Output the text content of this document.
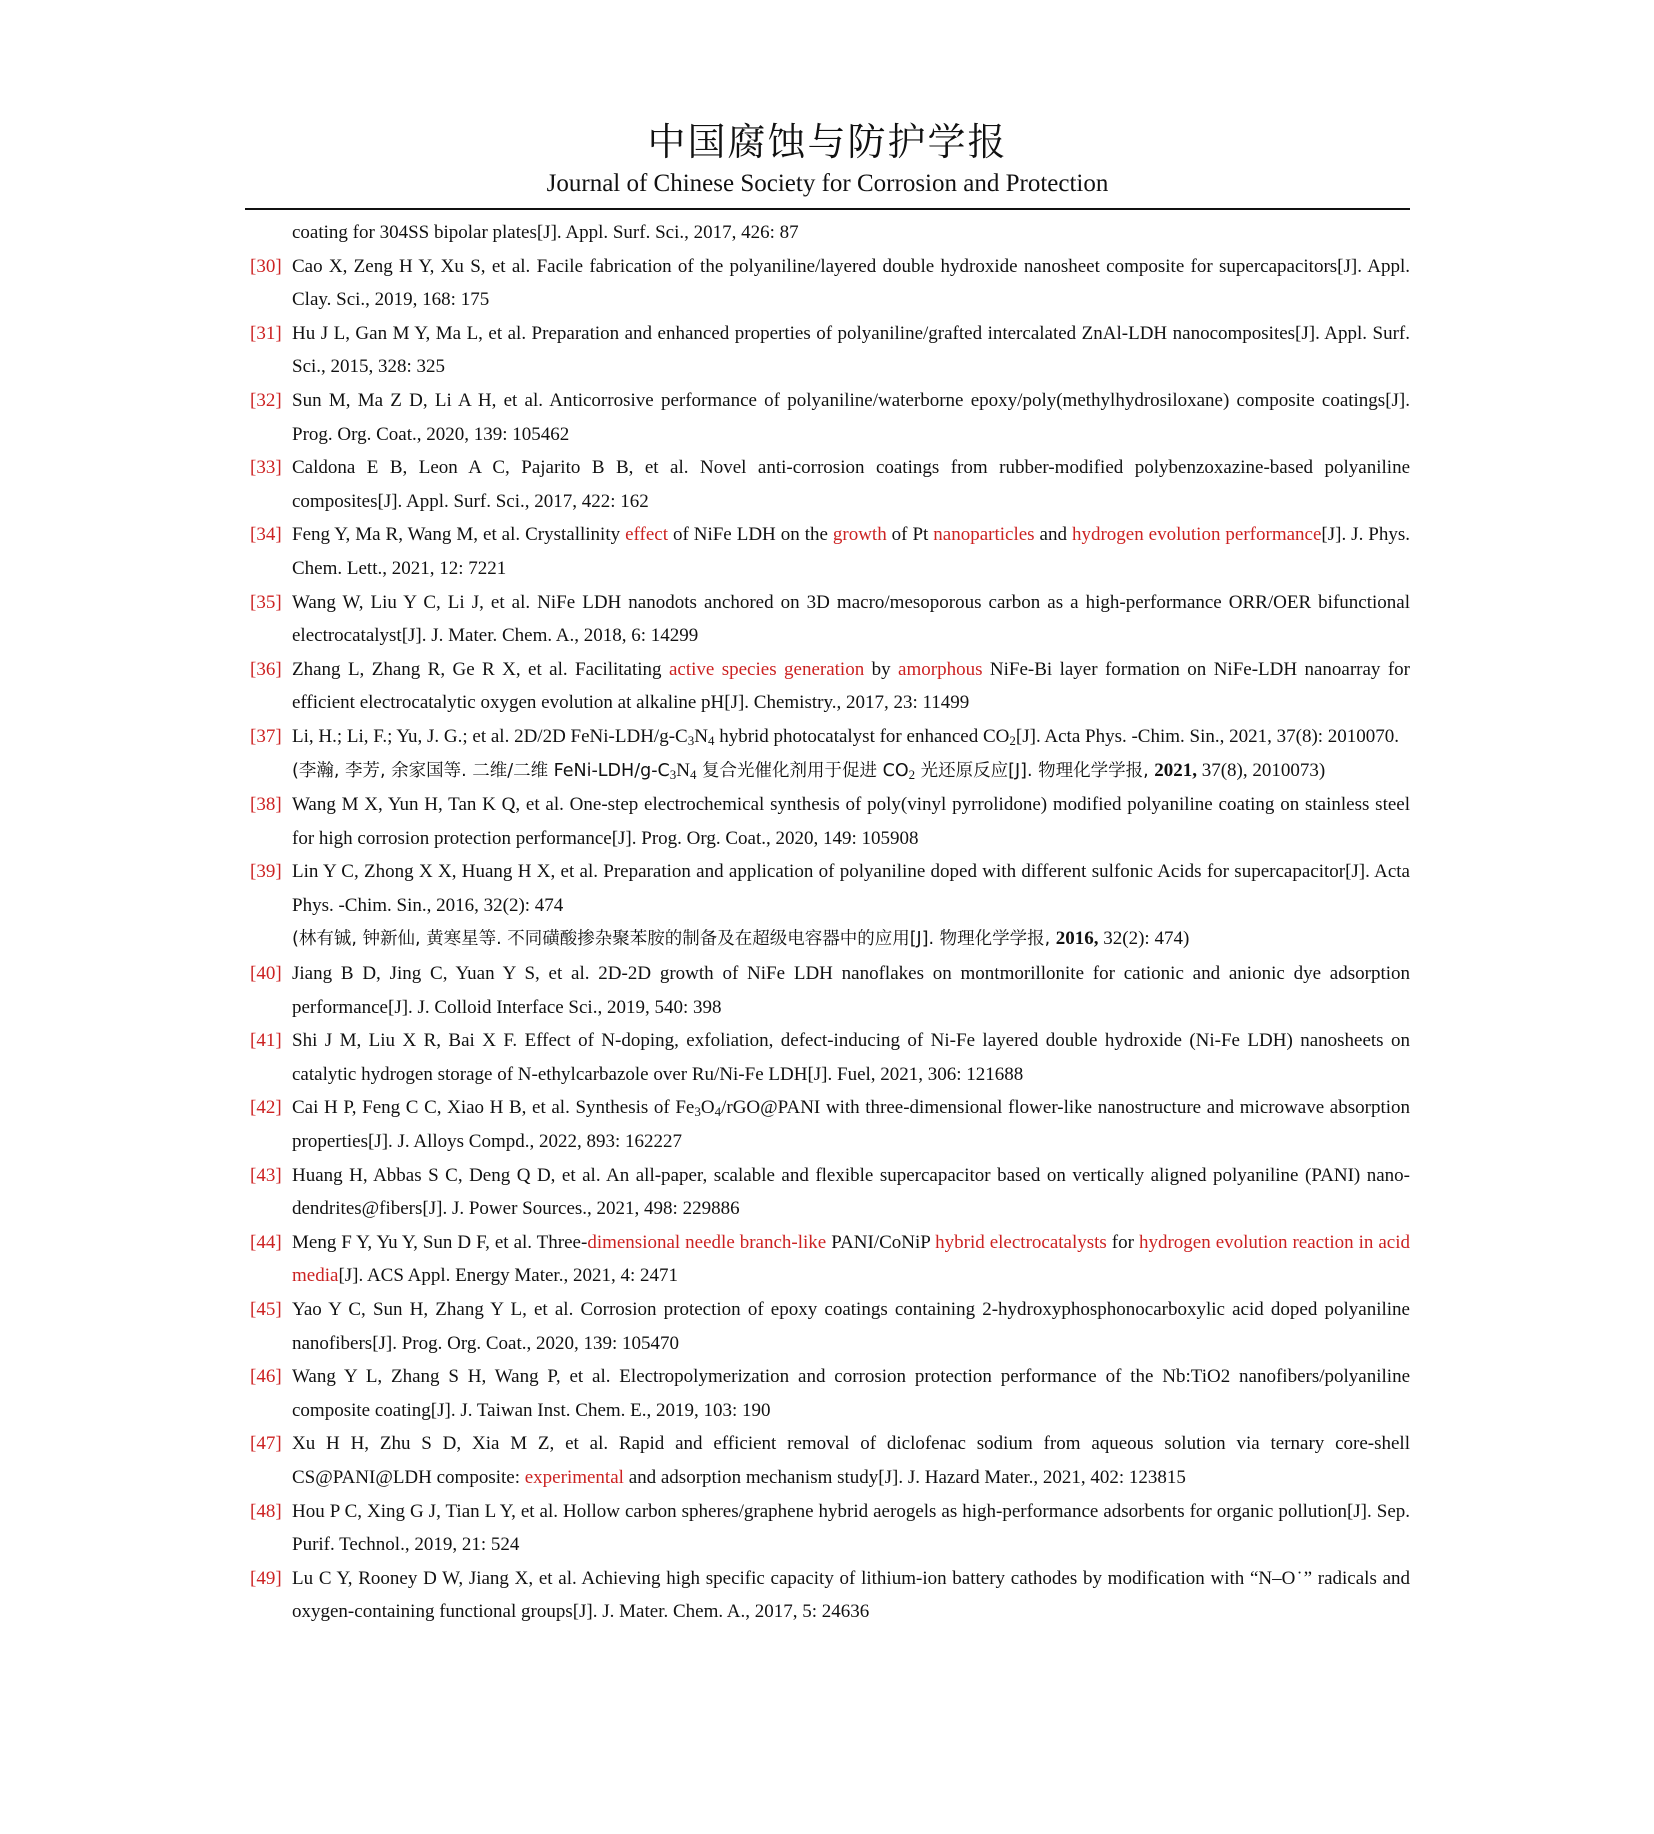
中国腐蚀与防护学报
Journal of Chinese Society for Corrosion and Protection
coating for 304SS bipolar plates[J]. Appl. Surf. Sci., 2017, 426: 87
[30] Cao X, Zeng H Y, Xu S, et al. Facile fabrication of the polyaniline/layered double hydroxide nanosheet composite for supercapacitors[J]. Appl. Clay. Sci., 2019, 168: 175
[31] Hu J L, Gan M Y, Ma L, et al. Preparation and enhanced properties of polyaniline/grafted intercalated ZnAl-LDH nanocomposites[J]. Appl. Surf. Sci., 2015, 328: 325
[32] Sun M, Ma Z D, Li A H, et al. Anticorrosive performance of polyaniline/waterborne epoxy/poly(methylhydrosiloxane) composite coatings[J]. Prog. Org. Coat., 2020, 139: 105462
[33] Caldona E B, Leon A C, Pajarito B B, et al. Novel anti-corrosion coatings from rubber-modified polybenzoxazine-based polyaniline composites[J]. Appl. Surf. Sci., 2017, 422: 162
[34] Feng Y, Ma R, Wang M, et al. Crystallinity effect of NiFe LDH on the growth of Pt nanoparticles and hydrogen evolution performance[J]. J. Phys. Chem. Lett., 2021, 12: 7221
[35] Wang W, Liu Y C, Li J, et al. NiFe LDH nanodots anchored on 3D macro/mesoporous carbon as a high-performance ORR/OER bifunctional electrocatalyst[J]. J. Mater. Chem. A., 2018, 6: 14299
[36] Zhang L, Zhang R, Ge R X, et al. Facilitating active species generation by amorphous NiFe-Bi layer formation on NiFe-LDH nanoarray for efficient electrocatalytic oxygen evolution at alkaline pH[J]. Chemistry., 2017, 23: 11499
[37] Li, H.; Li, F.; Yu, J. G.; et al. 2D/2D FeNi-$LDH/g-C_3N_4$ hybrid photocatalyst for enhanced $CO_2[J]$. Acta Phys. -Chim. Sin., 2021, 37(8): 2010070.
(李瀚, 李芳, 余家国等. 二维/二维 FeNi-$LDH/g-C_3N_4$ 复合光催化剂用于促进 $CO_2$ 光还原反应[J]. 物理化学学报, 2021, 37(8), 2010073)
[38] Wang M X, Yun H, Tan K Q, et al. One-step electrochemical synthesis of poly(vinyl pyrrolidone) modified polyaniline coating on stainless steel for high corrosion protection performance[J]. Prog. Org. Coat., 2020, 149: 105908
[39] Lin Y C, Zhong X X, Huang H X, et al. Preparation and application of polyaniline doped with different sulfonic Acids for supercapacitor[J]. Acta Phys. -Chim. Sin., 2016, 32(2): 474
(林有铖, 钟新仙, 黄寒星等. 不同磺酸掺杂聚苯胺的制备及在超级电容器中的应用[J]. 物理化学学报, 2016, 32(2): 474)
[40] Jiang B D, Jing C, Yuan Y S, et al. 2D-2D growth of NiFe LDH nanoflakes on montmorillonite for cationic and anionic dye adsorption performance[J]. J. Colloid Interface Sci., 2019, 540: 398
[41] Shi J M, Liu X R, Bai X F. Effect of N-doping, exfoliation, defect-inducing of Ni-Fe layered double hydroxide (Ni-Fe LDH) nanosheets on catalytic hydrogen storage of N-ethylcarbazole over Ru/Ni-Fe LDH[J]. Fuel, 2021, 306: 121688
[42] Cai H P, Feng C C, Xiao H B, et al. Synthesis of $Fe_3O_4/rGO@PANI$ with three-dimensional flower-like nanostructure and microwave absorption properties[J]. J. Alloys Compd., 2022, 893: 162227
[43] Huang H, Abbas S C, Deng Q D, et al. An all-paper, scalable and flexible supercapacitor based on vertically aligned polyaniline (PANI) nano-dendrites@fibers[J]. J. Power Sources., 2021, 498: 229886
[44] Meng F Y, Yu Y, Sun D F, et al. Three-dimensional needle branch-like PANI/CoNiP hybrid electrocatalysts for hydrogen evolution reaction in acid media[J]. ACS Appl. Energy Mater., 2021, 4: 2471
[45] Yao Y C, Sun H, Zhang Y L, et al. Corrosion protection of epoxy coatings containing 2-hydroxyphosphonocarboxylic acid doped polyaniline nanofibers[J]. Prog. Org. Coat., 2020, 139: 105470
[46] Wang Y L, Zhang S H, Wang P, et al. Electropolymerization and corrosion protection performance of the Nb:TiO2 nanofibers/polyaniline composite coating[J]. J. Taiwan Inst. Chem. E., 2019, 103: 190
[47] Xu H H, Zhu S D, Xia M Z, et al. Rapid and efficient removal of diclofenac sodium from aqueous solution via ternary core-shell CS@PANI@LDH composite: experimental and adsorption mechanism study[J]. J. Hazard Mater., 2021, 402: 123815
[48] Hou P C, Xing G J, Tian L Y, et al. Hollow carbon spheres/graphene hybrid aerogels as high-performance adsorbents for organic pollution[J]. Sep. Purif. Technol., 2019, 21: 524
[49] Lu C Y, Rooney D W, Jiang X, et al. Achieving high specific capacity of lithium-ion battery cathodes by modification with “N–O˙” radicals and oxygen-containing functional groups[J]. J. Mater. Chem. A., 2017, 5: 24636
